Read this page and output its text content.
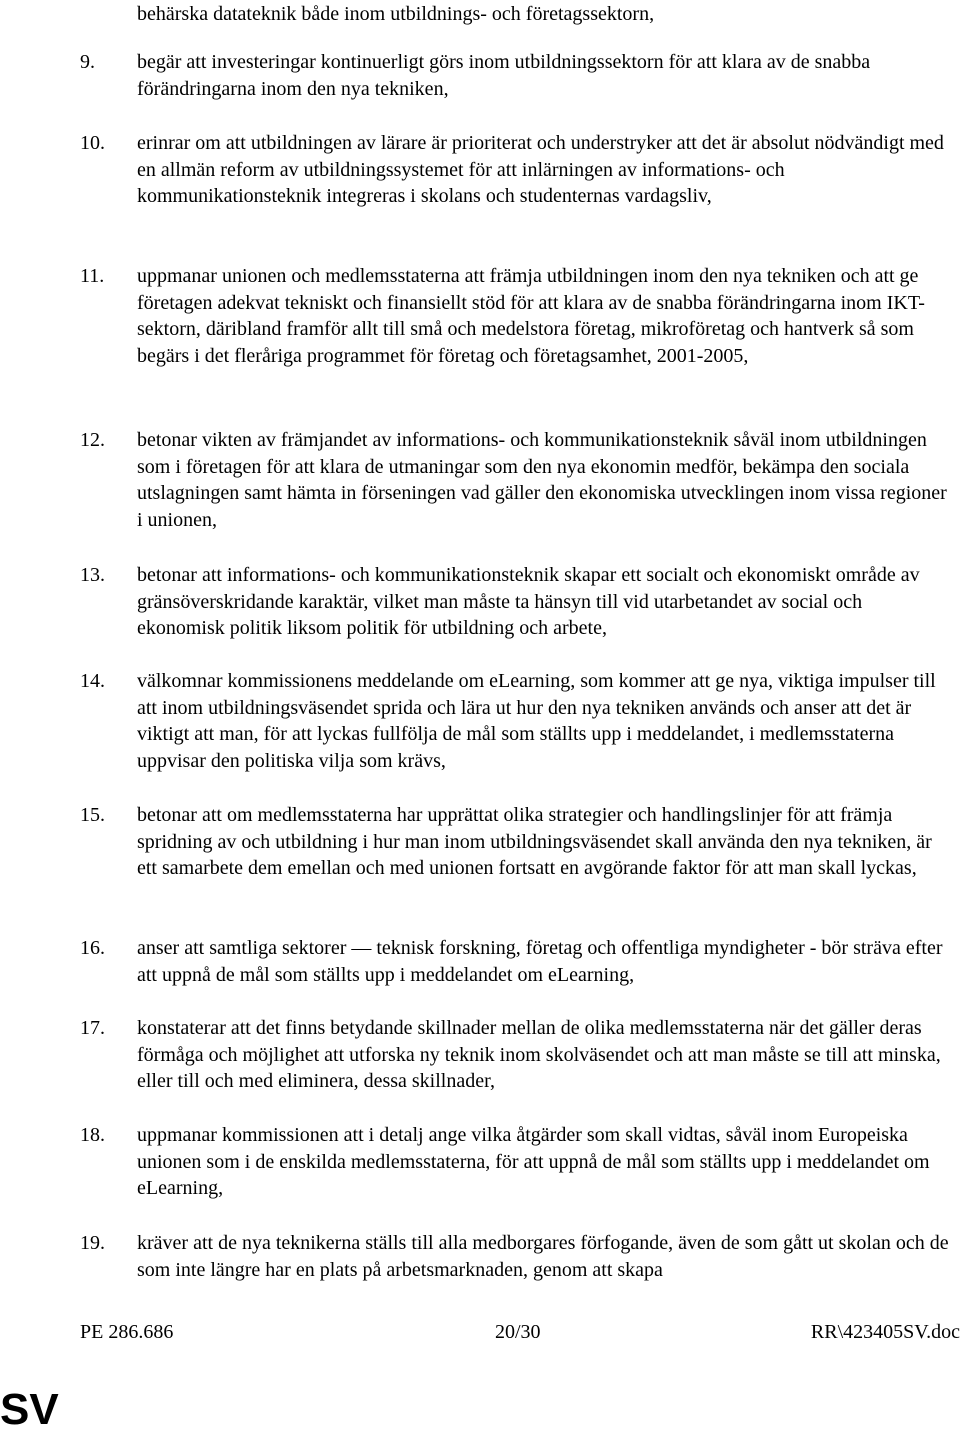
behärska datateknik både inom utbildnings- och företagssektorn,

9. begär att investeringar kontinuerligt görs inom utbildningssektorn för att klara av de snabba förändringarna inom den nya tekniken,

10. erinrar om att utbildningen av lärare är prioriterat och understryker att det är absolut nödvändigt med en allmän reform av utbildningssystemet för att inlärningen av informations- och kommunikationsteknik integreras i skolans och studenternas vardagsliv,

11. uppmanar unionen och medlemsstaterna att främja utbildningen inom den nya tekniken och att ge företagen adekvat tekniskt och finansiellt stöd för att klara av de snabba förändringarna inom IKT-sektorn, däribland framför allt till små och medelstora företag, mikroföretag och hantverk så som begärs i det fleråriga programmet för företag och företagsamhet, 2001-2005,

12. betonar vikten av främjandet av informations- och kommunikationsteknik såväl inom utbildningen som i företagen för att klara de utmaningar som den nya ekonomin medför, bekämpa den sociala utslagningen samt hämta in förseningen vad gäller den ekonomiska utvecklingen inom vissa regioner i unionen,

13. betonar att informations- och kommunikationsteknik skapar ett socialt och ekonomiskt område av gränsöverskridande karaktär, vilket man måste ta hänsyn till vid utarbetandet av social och ekonomisk politik liksom politik för utbildning och arbete,

14. välkomnar kommissionens meddelande om eLearning, som kommer att ge nya, viktiga impulser till att inom utbildningsväsendet sprida och lära ut hur den nya tekniken används och anser att det är viktigt att man, för att lyckas fullfölja de mål som ställts upp i meddelandet, i medlemsstaterna uppvisar den politiska vilja som krävs,

15. betonar att om medlemsstaterna har upprättat olika strategier och handlingslinjer för att främja spridning av och utbildning i hur man inom utbildningsväsendet skall använda den nya tekniken, är ett samarbete dem emellan och med unionen fortsatt en avgörande faktor för att man skall lyckas,

16. anser att samtliga sektorer — teknisk forskning, företag och offentliga myndigheter - bör sträva efter att uppnå de mål som ställts upp i meddelandet om eLearning,

17. konstaterar att det finns betydande skillnader mellan de olika medlemsstaterna när det gäller deras förmåga och möjlighet att utforska ny teknik inom skolväsendet och att man måste se till att minska, eller till och med eliminera, dessa skillnader,

18. uppmanar kommissionen att i detalj ange vilka åtgärder som skall vidtas, såväl inom Europeiska unionen som i de enskilda medlemsstaterna, för att uppnå de mål som ställts upp i meddelandet om eLearning,

19. kräver att de nya teknikerna ställs till alla medborgares förfogande, även de som gått ut skolan och de som inte längre har en plats på arbetsmarknaden, genom att skapa

PE 286.686	20/30	RR\423405SV.doc
SV
